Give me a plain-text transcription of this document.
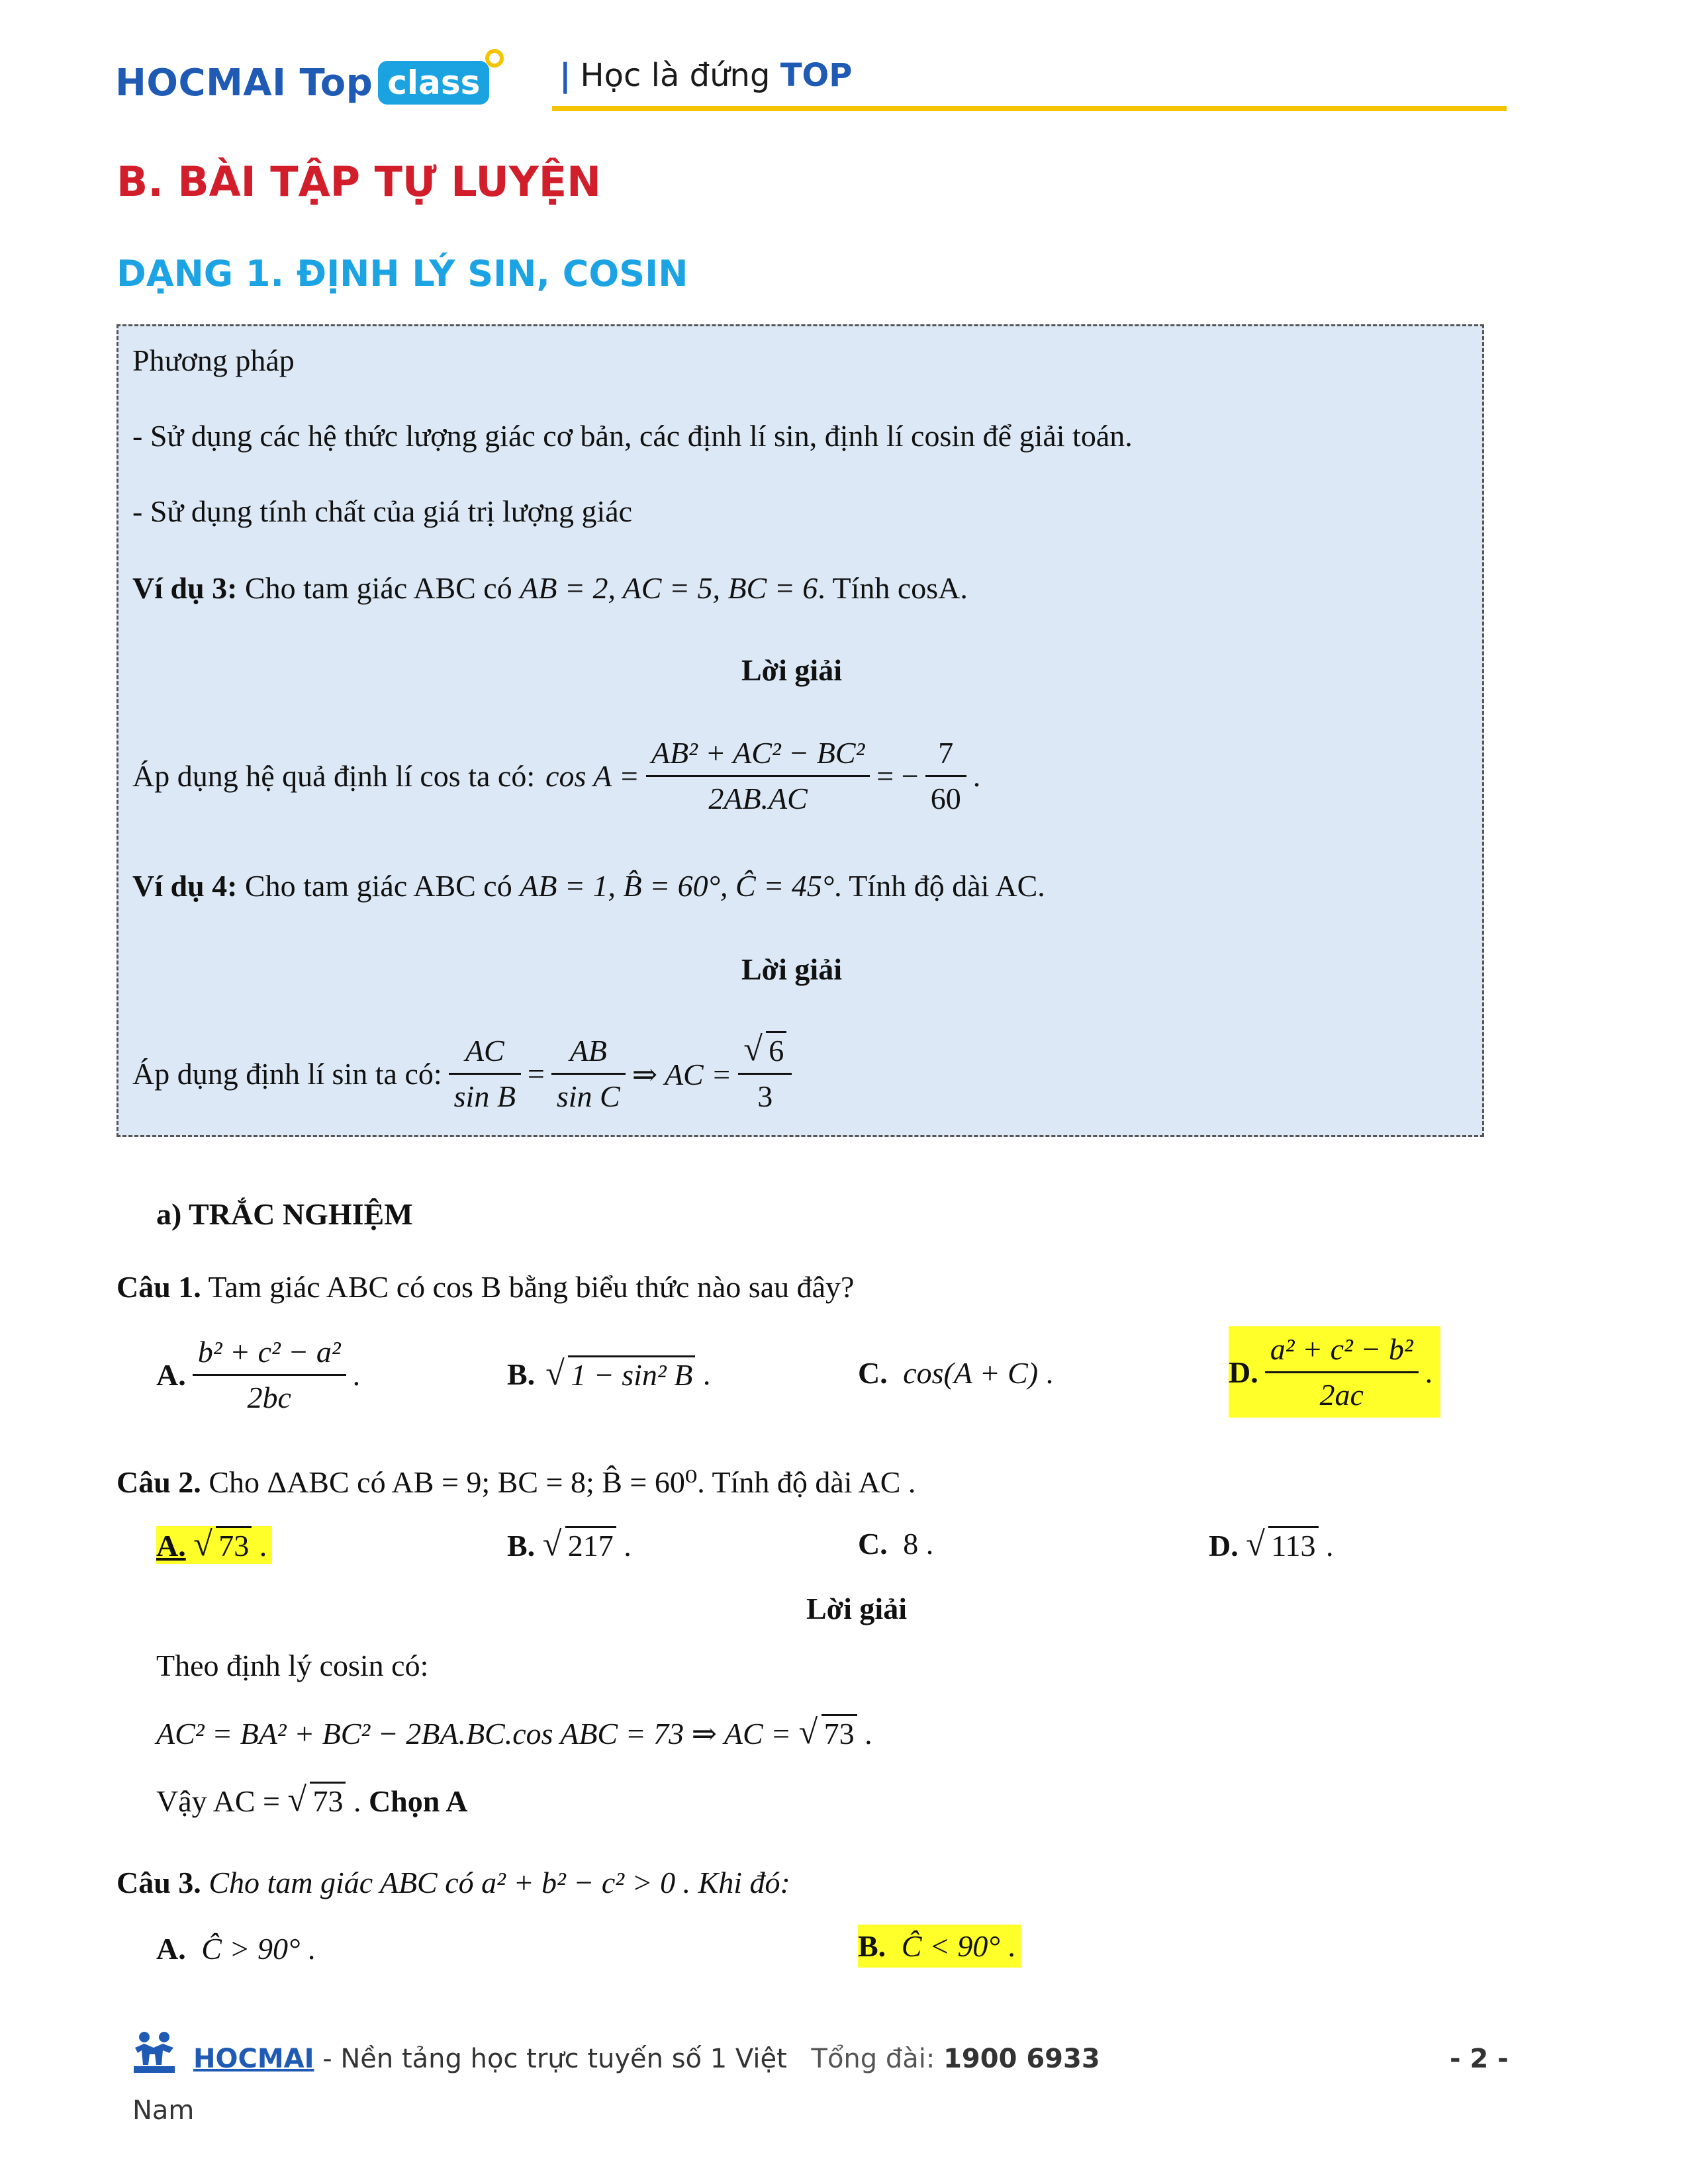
HOCMAI Top class | Học là đứng TOP
B. BÀI TẬP TỰ LUYỆN
DẠNG 1. ĐỊNH LÝ SIN, COSIN
Phương pháp
- Sử dụng các hệ thức lượng giác cơ bản, các định lí sin, định lí cosin để giải toán.
- Sử dụng tính chất của giá trị lượng giác
Ví dụ 3: Cho tam giác ABC có AB = 2, AC = 5, BC = 6. Tính cosA.
Lời giải
Áp dụng hệ quả định lí cos ta có: $\cos A = \frac{\text{AB² + AC² − BC²}}{2AB.AC}$ = − $\frac{7}{60}$ .
Ví dụ 4: Cho tam giác ABC có AB = 1, B̂ = 60°, Ĉ = 45°. Tính độ dài AC.
Lời giải
Áp dụng định lí sin ta có: $\frac{AC}{\text{sin B}} = \frac{AB}{\text{sin C}}$ ⇒ AC = $\frac{√ 6}{3}$
a) TRẮC NGHIỆM
Câu 1. Tam giác ABC có cos B bằng biểu thức nào sau đây?
A. $\frac{\text{b² + c² − a²}}{2bc}$ .	B. √ 1 − sin² B .	C. cos(A + C) .	D. $\frac{\text{a² + c² − b²}}{2ac}$ .
Câu 2. Cho ΔABC có AB = 9; BC = 8; B̂ = 60⁰. Tính độ dài AC .
A. √ 73 .	B. √ 217 .	C. 8 .	D. √ 113 .
Lời giải
Theo định lý cosin có:
AC² = BA² + BC² − 2BA.BC.cos ABC = 73 ⇒ AC = √ 73 .
Vậy AC = √ 73 . Chọn A
Câu 3. Cho tam giác ABC có a² + b² − c² > 0 . Khi đó:
A. Ĉ > 90° .	B. Ĉ < 90° .
HOCMAI - Nền tảng học trực tuyến số 1 Việt Tổng đài: 1900 6933	- 2 -
Nam
